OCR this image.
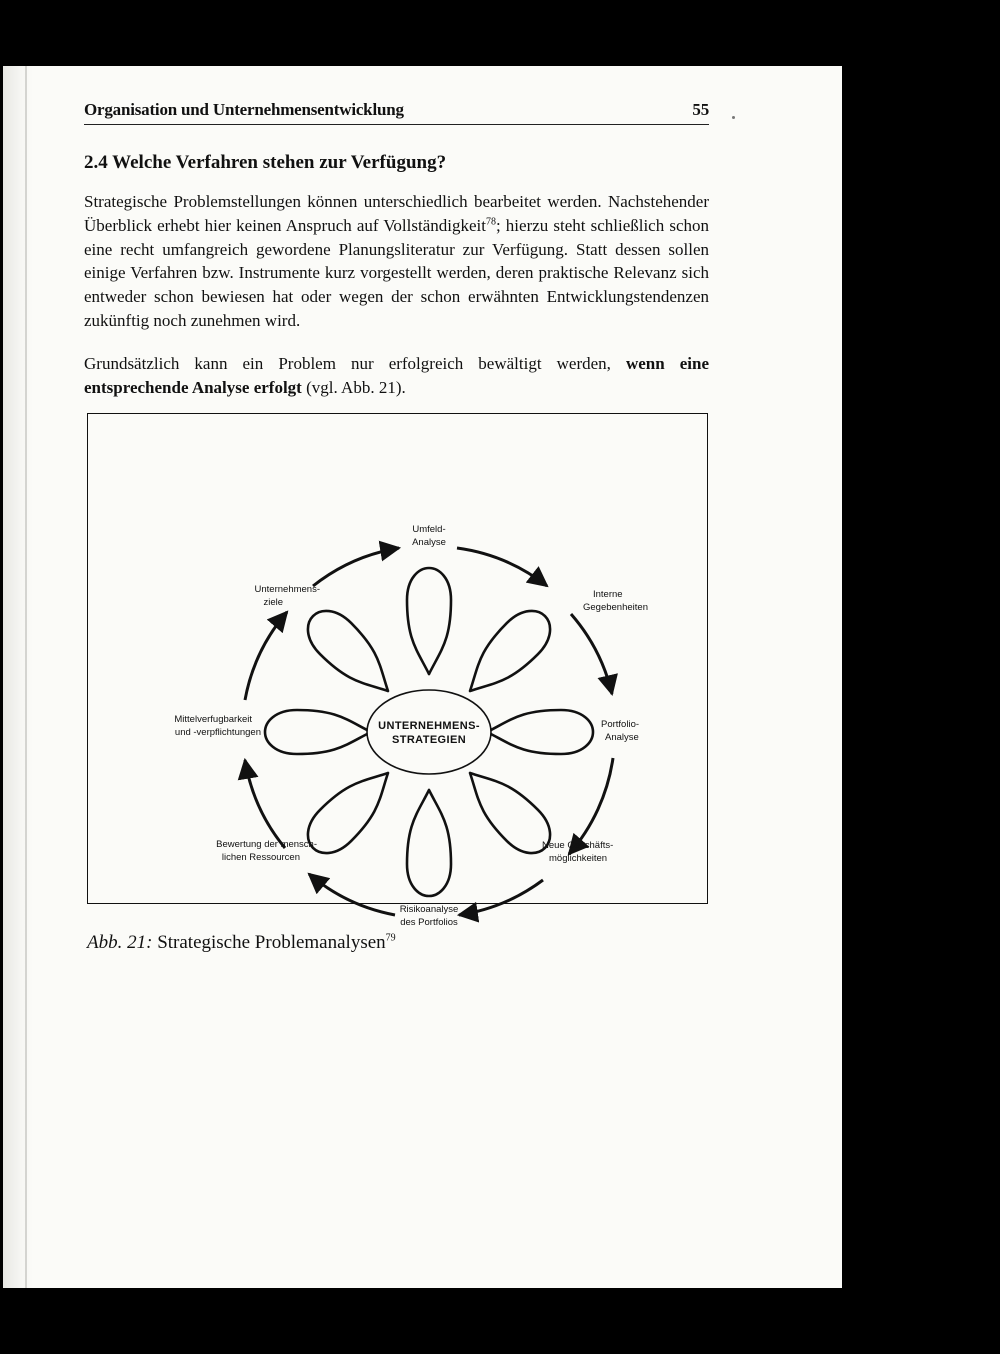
Organisation und Unternehmensentwicklung	55
2.4 Welche Verfahren stehen zur Verfügung?

Strategische Problemstellungen können unterschiedlich bearbeitet werden. Nachstehender Überblick erhebt hier keinen Anspruch auf Vollständigkeit$^{78}$; hierzu steht schließlich schon eine recht umfangreich gewordene Planungsliteratur zur Verfügung. Statt dessen sollen einige Verfahren bzw. Instrumente kurz vorgestellt werden, deren praktische Relevanz sich entweder schon bewiesen hat oder wegen der schon erwähnten Entwicklungstendenzen zukünftig noch zunehmen wird.

Grundsätzlich kann ein Problem nur erfolgreich bewältigt werden, wenn eine entsprechende Analyse erfolgt (vgl. Abb. 21).

UNTERNEHMENS-
STRATEGIEN
Umfeld-
Analyse
Interne
Gegebenheiten
Portfolio-
Analyse
Neue Geschäfts-
möglichkeiten
Risikoanalyse
des Portfolios
Bewertung der mensch-
lichen Ressourcen
Mittelverfugbarkeit
und -verpflichtungen
Unternehmens-
ziele
Abb. 21: Strategische Problemanalysen$^{79}$
